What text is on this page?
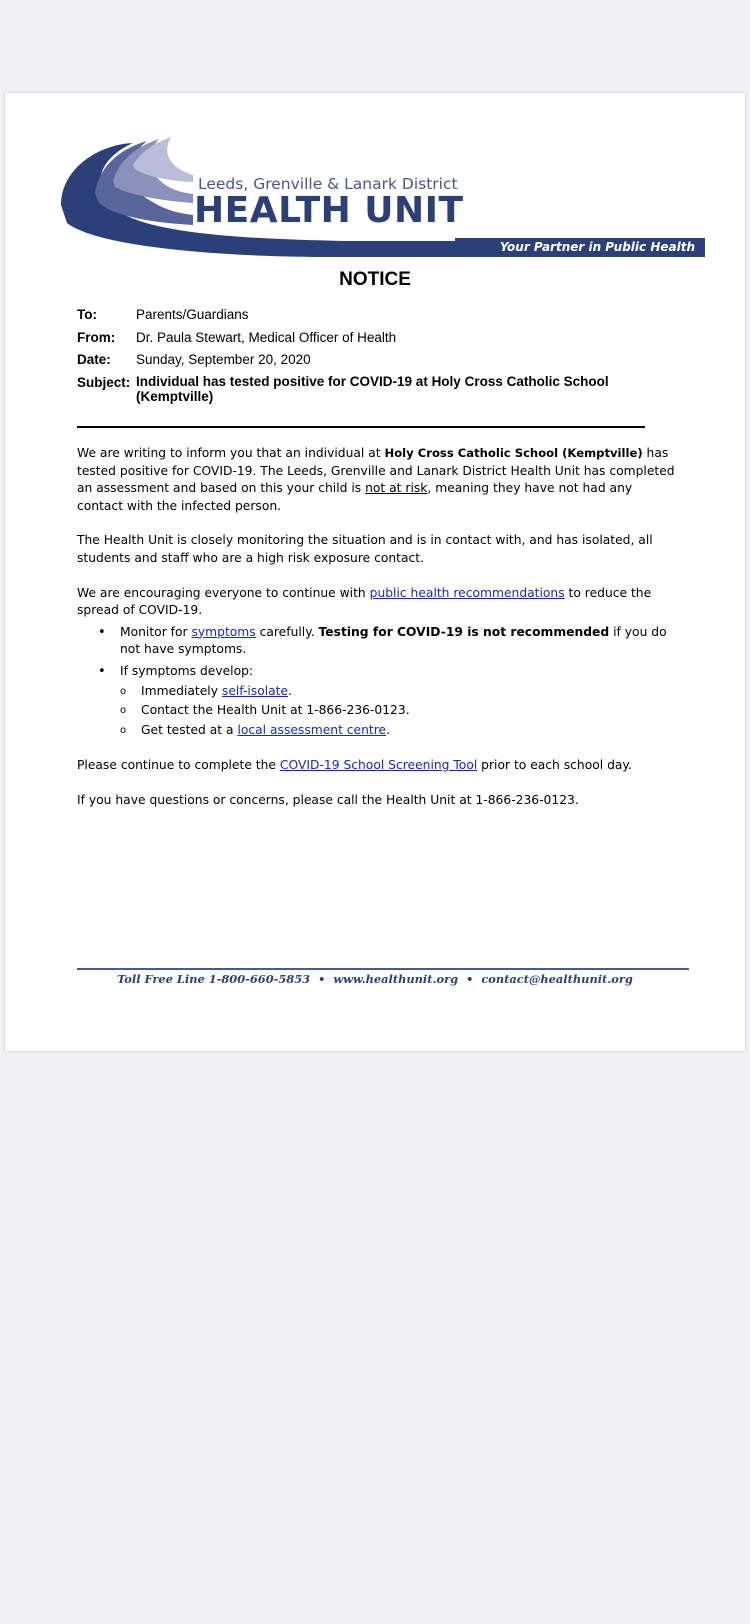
Leeds, Grenville & Lanark District
HEALTH UNIT
Your Partner in Public Health
NOTICE
To:	Parents/Guardians
From: Dr. Paula Stewart, Medical Officer of Health
Date: Sunday, September 20, 2020
Subject: Individual has tested positive for COVID-19 at Holy Cross Catholic School (Kemptville)

We are writing to inform you that an individual at Holy Cross Catholic School (Kemptville) has tested positive for COVID-19. The Leeds, Grenville and Lanark District Health Unit has completed an assessment and based on this your child is not at risk, meaning they have not had any contact with the infected person.

The Health Unit is closely monitoring the situation and is in contact with, and has isolated, all students and staff who are a high risk exposure contact.

We are encouraging everyone to continue with public health recommendations to reduce the spread of COVID-19.

• Monitor for symptoms carefully. Testing for COVID-19 is not recommended if you do not have symptoms.
• If symptoms develop:
o Immediately self-isolate.
o Contact the Health Unit at 1-866-236-0123.
o Get tested at a local assessment centre.

Please continue to complete the COVID-19 School Screening Tool prior to each school day.

If you have questions or concerns, please call the Health Unit at 1-866-236-0123.

Toll Free Line 1-800-660-5853 • www.healthunit.org • contact@healthunit.org
